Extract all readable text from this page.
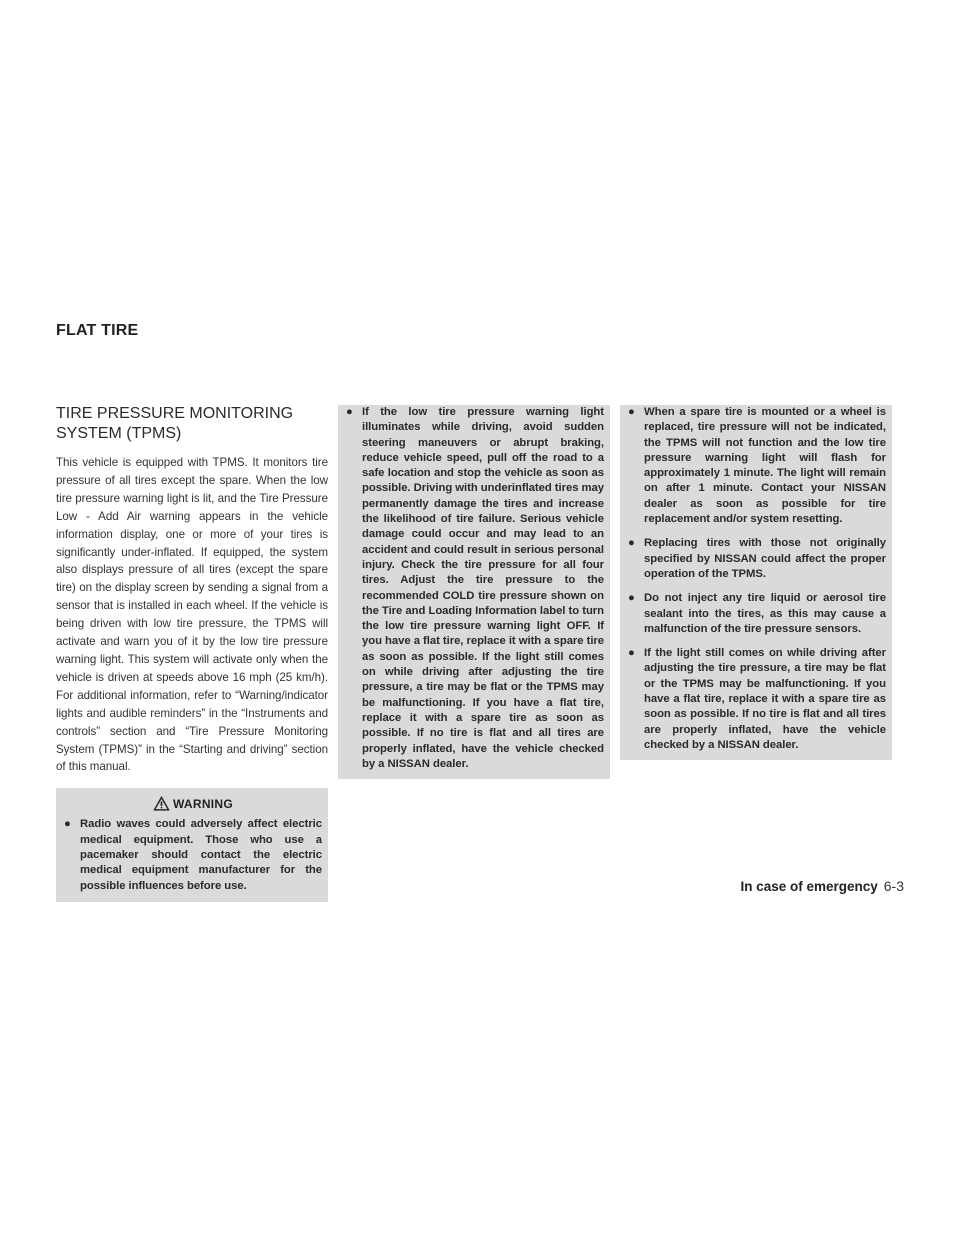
FLAT TIRE
TIRE PRESSURE MONITORING
SYSTEM (TPMS)

This vehicle is equipped with TPMS. It monitors tire pressure of all tires except the spare. When the low tire pressure warning light is lit, and the Tire Pressure Low - Add Air warning appears in the vehicle information display, one or more of your tires is significantly under-inflated. If equipped, the system also displays pressure of all tires (except the spare tire) on the display screen by sending a signal from a sensor that is installed in each wheel. If the vehicle is being driven with low tire pressure, the TPMS will activate and warn you of it by the low tire pressure warning light. This system will activate only when the vehicle is driven at speeds above 16 mph (25 km/h). For additional information, refer to “Warning/indicator lights and audible reminders” in the “Instruments and controls” section and “Tire Pressure Monitoring System (TPMS)” in the “Starting and driving” section of this manual.

WARNING
● Radio waves could adversely affect electric medical equipment. Those who use a pacemaker should contact the electric medical equipment manufacturer for the possible influences before use.
● If the low tire pressure warning light illuminates while driving, avoid sudden steering maneuvers or abrupt braking, reduce vehicle speed, pull off the road to a safe location and stop the vehicle as soon as possible. Driving with underinflated tires may permanently damage the tires and increase the likelihood of tire failure. Serious vehicle damage could occur and may lead to an accident and could result in serious personal injury. Check the tire pressure for all four tires. Adjust the tire pressure to the recommended COLD tire pressure shown on the Tire and Loading Information label to turn the low tire pressure warning light OFF. If you have a flat tire, replace it with a spare tire as soon as possible. If the light still comes on while driving after adjusting the tire pressure, a tire may be flat or the TPMS may be malfunctioning. If you have a flat tire, replace it with a spare tire as soon as possible. If no tire is flat and all tires are properly inflated, have the vehicle checked by a NISSAN dealer.
● When a spare tire is mounted or a wheel is replaced, tire pressure will not be indicated, the TPMS will not function and the low tire pressure warning light will flash for approximately 1 minute. The light will remain on after 1 minute. Contact your NISSAN dealer as soon as possible for tire replacement and/or system resetting.
● Replacing tires with those not originally specified by NISSAN could affect the proper operation of the TPMS.
● Do not inject any tire liquid or aerosol tire sealant into the tires, as this may cause a malfunction of the tire pressure sensors.
● If the light still comes on while driving after adjusting the tire pressure, a tire may be flat or the TPMS may be malfunctioning. If you have a flat tire, replace it with a spare tire as soon as possible. If no tire is flat and all tires are properly inflated, have the vehicle checked by a NISSAN dealer.
In case of emergency 6-3
